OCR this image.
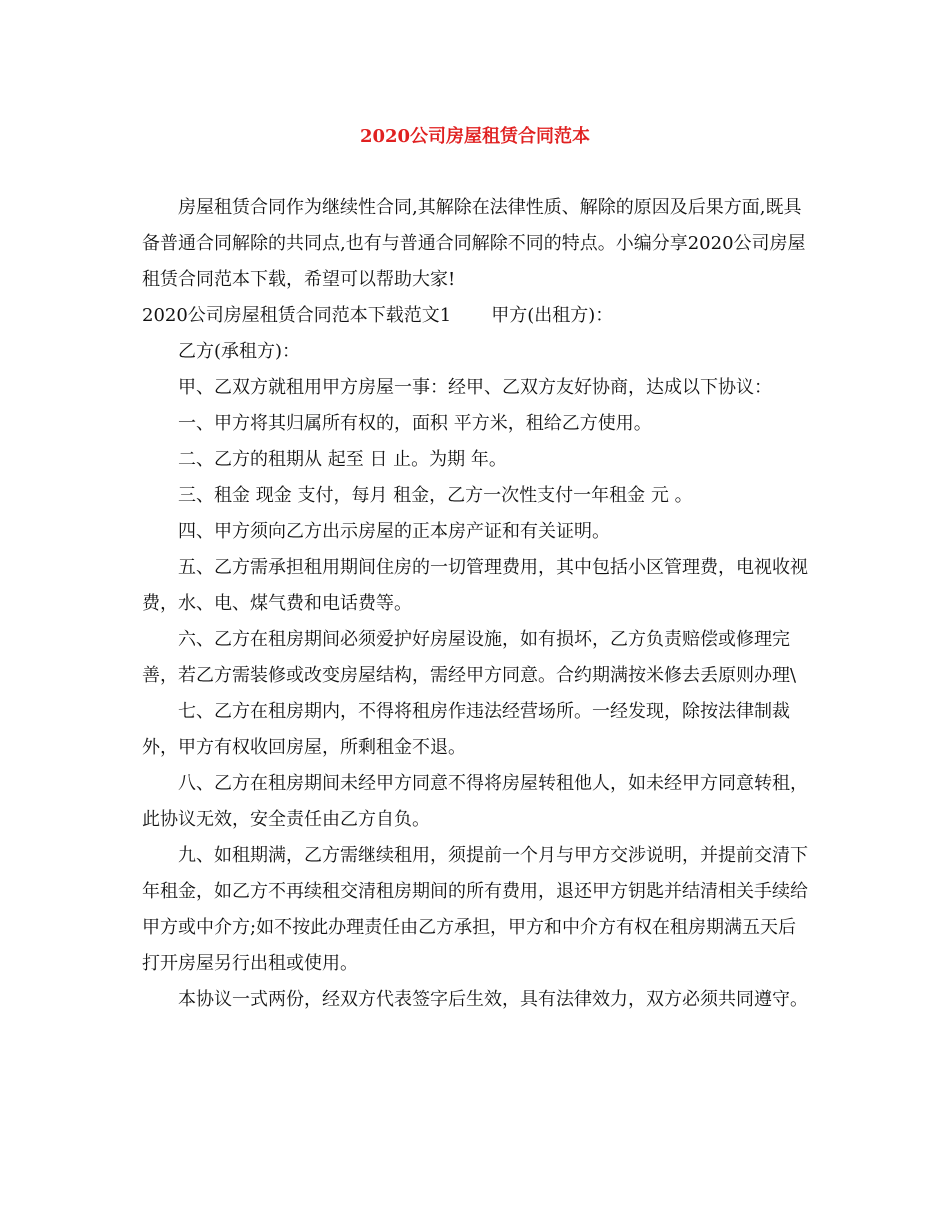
2020公司房屋租赁合同范本

房屋租赁合同作为继续性合同,其解除在法律性质、解除的原因及后果方面,既具备普通合同解除的共同点,也有与普通合同解除不同的特点。小编分享2020公司房屋租赁合同范本下载，希望可以帮助大家!

2020公司房屋租赁合同范本下载范文1 甲方(出租方)：

乙方(承租方)：

甲、乙双方就租用甲方房屋一事：经甲、乙双方友好协商，达成以下协议：

一、甲方将其归属所有权的，面积 平方米，租给乙方使用。

二、乙方的租期从 起至 日 止。为期 年。

三、租金 现金 支付，每月 租金，乙方一次性支付一年租金 元 。

四、甲方须向乙方出示房屋的正本房产证和有关证明。

五、乙方需承担租用期间住房的一切管理费用，其中包括小区管理费，电视收视费，水、电、煤气费和电话费等。

六、乙方在租房期间必须爱护好房屋设施，如有损坏，乙方负责赔偿或修理完善，若乙方需装修或改变房屋结构，需经甲方同意。合约期满按米修去丢原则办理\

七、乙方在租房期内，不得将租房作违法经营场所。一经发现，除按法律制裁外，甲方有权收回房屋，所剩租金不退。

八、乙方在租房期间未经甲方同意不得将房屋转租他人，如未经甲方同意转租，此协议无效，安全责任由乙方自负。

九、如租期满，乙方需继续租用，须提前一个月与甲方交涉说明，并提前交清下年租金，如乙方不再续租交清租房期间的所有费用，退还甲方钥匙并结清相关手续给甲方或中介方;如不按此办理责任由乙方承担，甲方和中介方有权在租房期满五天后打开房屋另行出租或使用。

本协议一式两份，经双方代表签字后生效，具有法律效力，双方必须共同遵守。
